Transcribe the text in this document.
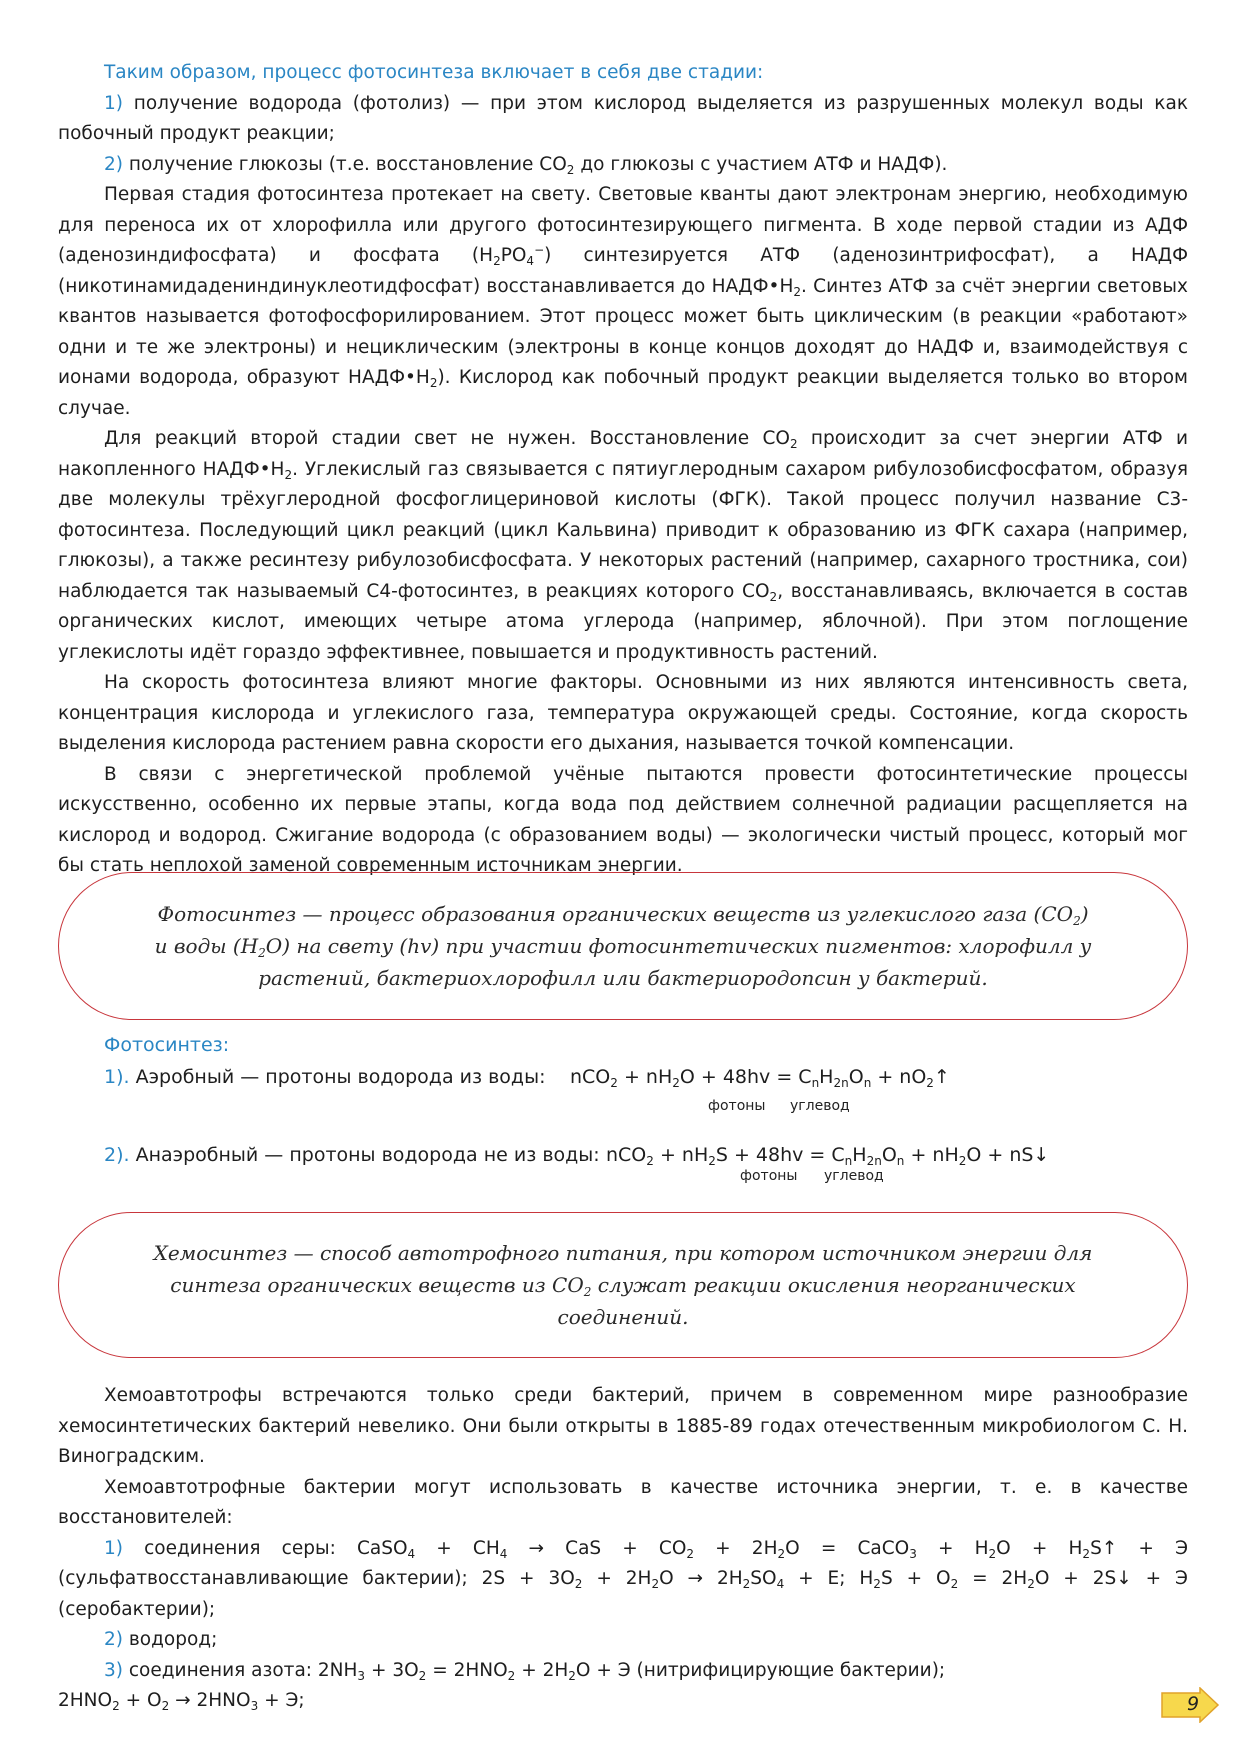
Таким образом, процесс фотосинтеза включает в себя две стадии:

1) получение водорода (фотолиз) — при этом кислород выделяется из разрушенных молекул воды как побочный продукт реакции;

2) получение глюкозы (т.е. восстановление $CO_2$ до глюкозы с участием АТФ и НАДФ).

Первая стадия фотосинтеза протекает на свету. Световые кванты дают электронам энергию, необходимую для переноса их от хлорофилла или другого фотосинтезирующего пигмента. В ходе первой стадии из АДФ (аденозиндифосфата) и фосфата $(H_2PO_4^-)$ синтезируется АТФ (аденозинтрифосфат), а НАДФ (никотинамидадениндинуклеотидфосфат) восстанавливается до $НАДФ•H_2$. Синтез АТФ за счёт энергии световых квантов называется фотофосфорилированием. Этот процесс может быть циклическим (в реакции «работают» одни и те же электроны) и нециклическим (электроны в конце концов доходят до НАДФ и, взаимодействуя с ионами водорода, образуют $НАДФ•H_2$). Кислород как побочный продукт реакции выделяется только во втором случае.

Для реакций второй стадии свет не нужен. Восстановление $CO_2$ происходит за счет энергии АТФ и накопленного $НАДФ•H_2$. Углекислый газ связывается с пятиуглеродным сахаром рибулозобисфосфатом, образуя две молекулы трёхуглеродной фосфоглицериновой кислоты (ФГК). Такой процесс получил название С3-фотосинтеза. Последующий цикл реакций (цикл Кальвина) приводит к образованию из ФГК сахара (например, глюкозы), а также ресинтезу рибулозобисфосфата. У некоторых растений (например, сахарного тростника, сои) наблюдается так называемый С4-фотосинтез, в реакциях которого $CO_2$, восстанавливаясь, включается в состав органических кислот, имеющих четыре атома углерода (например, яблочной). При этом поглощение углекислоты идёт гораздо эффективнее, повышается и продуктивность растений.

На скорость фотосинтеза влияют многие факторы. Основными из них являются интенсивность света, концентрация кислорода и углекислого газа, температура окружающей среды. Состояние, когда скорость выделения кислорода растением равна скорости его дыхания, называется точкой компенсации.

В связи с энергетической проблемой учёные пытаются провести фотосинтетические процессы искусственно, особенно их первые этапы, когда вода под действием солнечной радиации расщепляется на кислород и водород. Сжигание водорода (с образованием воды) — экологически чистый процесс, который мог бы стать неплохой заменой современным источникам энергии.

Фотосинтез — процесс образования органических веществ из углекислого газа $(CO_2)$ и воды $(H_2O)$ на свету (hv) при участии фотосинтетических пигментов: хлорофилл у растений, бактериохлорофилл или бактериородопсин у бактерий.

Фотосинтез:

1). Аэробный — протоны водорода из воды:	$nCO_2 + nH_2O + 48hv = C_nH_{2n}O_n$ + $nO_2↑$

фотоны углевод

2). Анаэробный — протоны водорода не из воды: $nCO_2 + nH_2S + 48hv = C_nH_{2n}O_n + nH_2O$ + nS↓

фотоны углевод

Хемосинтез — способ автотрофного питания, при котором источником энергии для синтеза органических веществ из $CO_2$ служат реакции окисления неорганических соединений.

Хемоавтотрофы встречаются только среди бактерий, причем в современном мире разнообразие хемосинтетических бактерий невелико. Они были открыты в 1885-89 годах отечественным микробиологом С. Н. Виноградским.

Хемоавтотрофные бактерии могут использовать в качестве источника энергии, т. е. в качестве восстановителей:

1) соединения серы: CaSO$_4$ + $CH_4$ → CaS + $CO_2 + 2H_2O$ = CaCO$_3$ + $H_2O$ + $H_2S↑ + Э$ (сульфатвосстанавливающие бактерии); $2S + 3O_2 + 2H_2O \to 2H_2SO_4 + E$; $H_2S + O_2 = 2H_2O$ + 2S↓ + Э (серобактерии);

2) водород;

3) соединения азота: $2NH_3 + 3O_2 = 2HNO_2 + 2H_2O + Э$ (нитрифицирующие бактерии);

$2HNO_2 + O_2 \to 2HNO_3 + Э$;	9
